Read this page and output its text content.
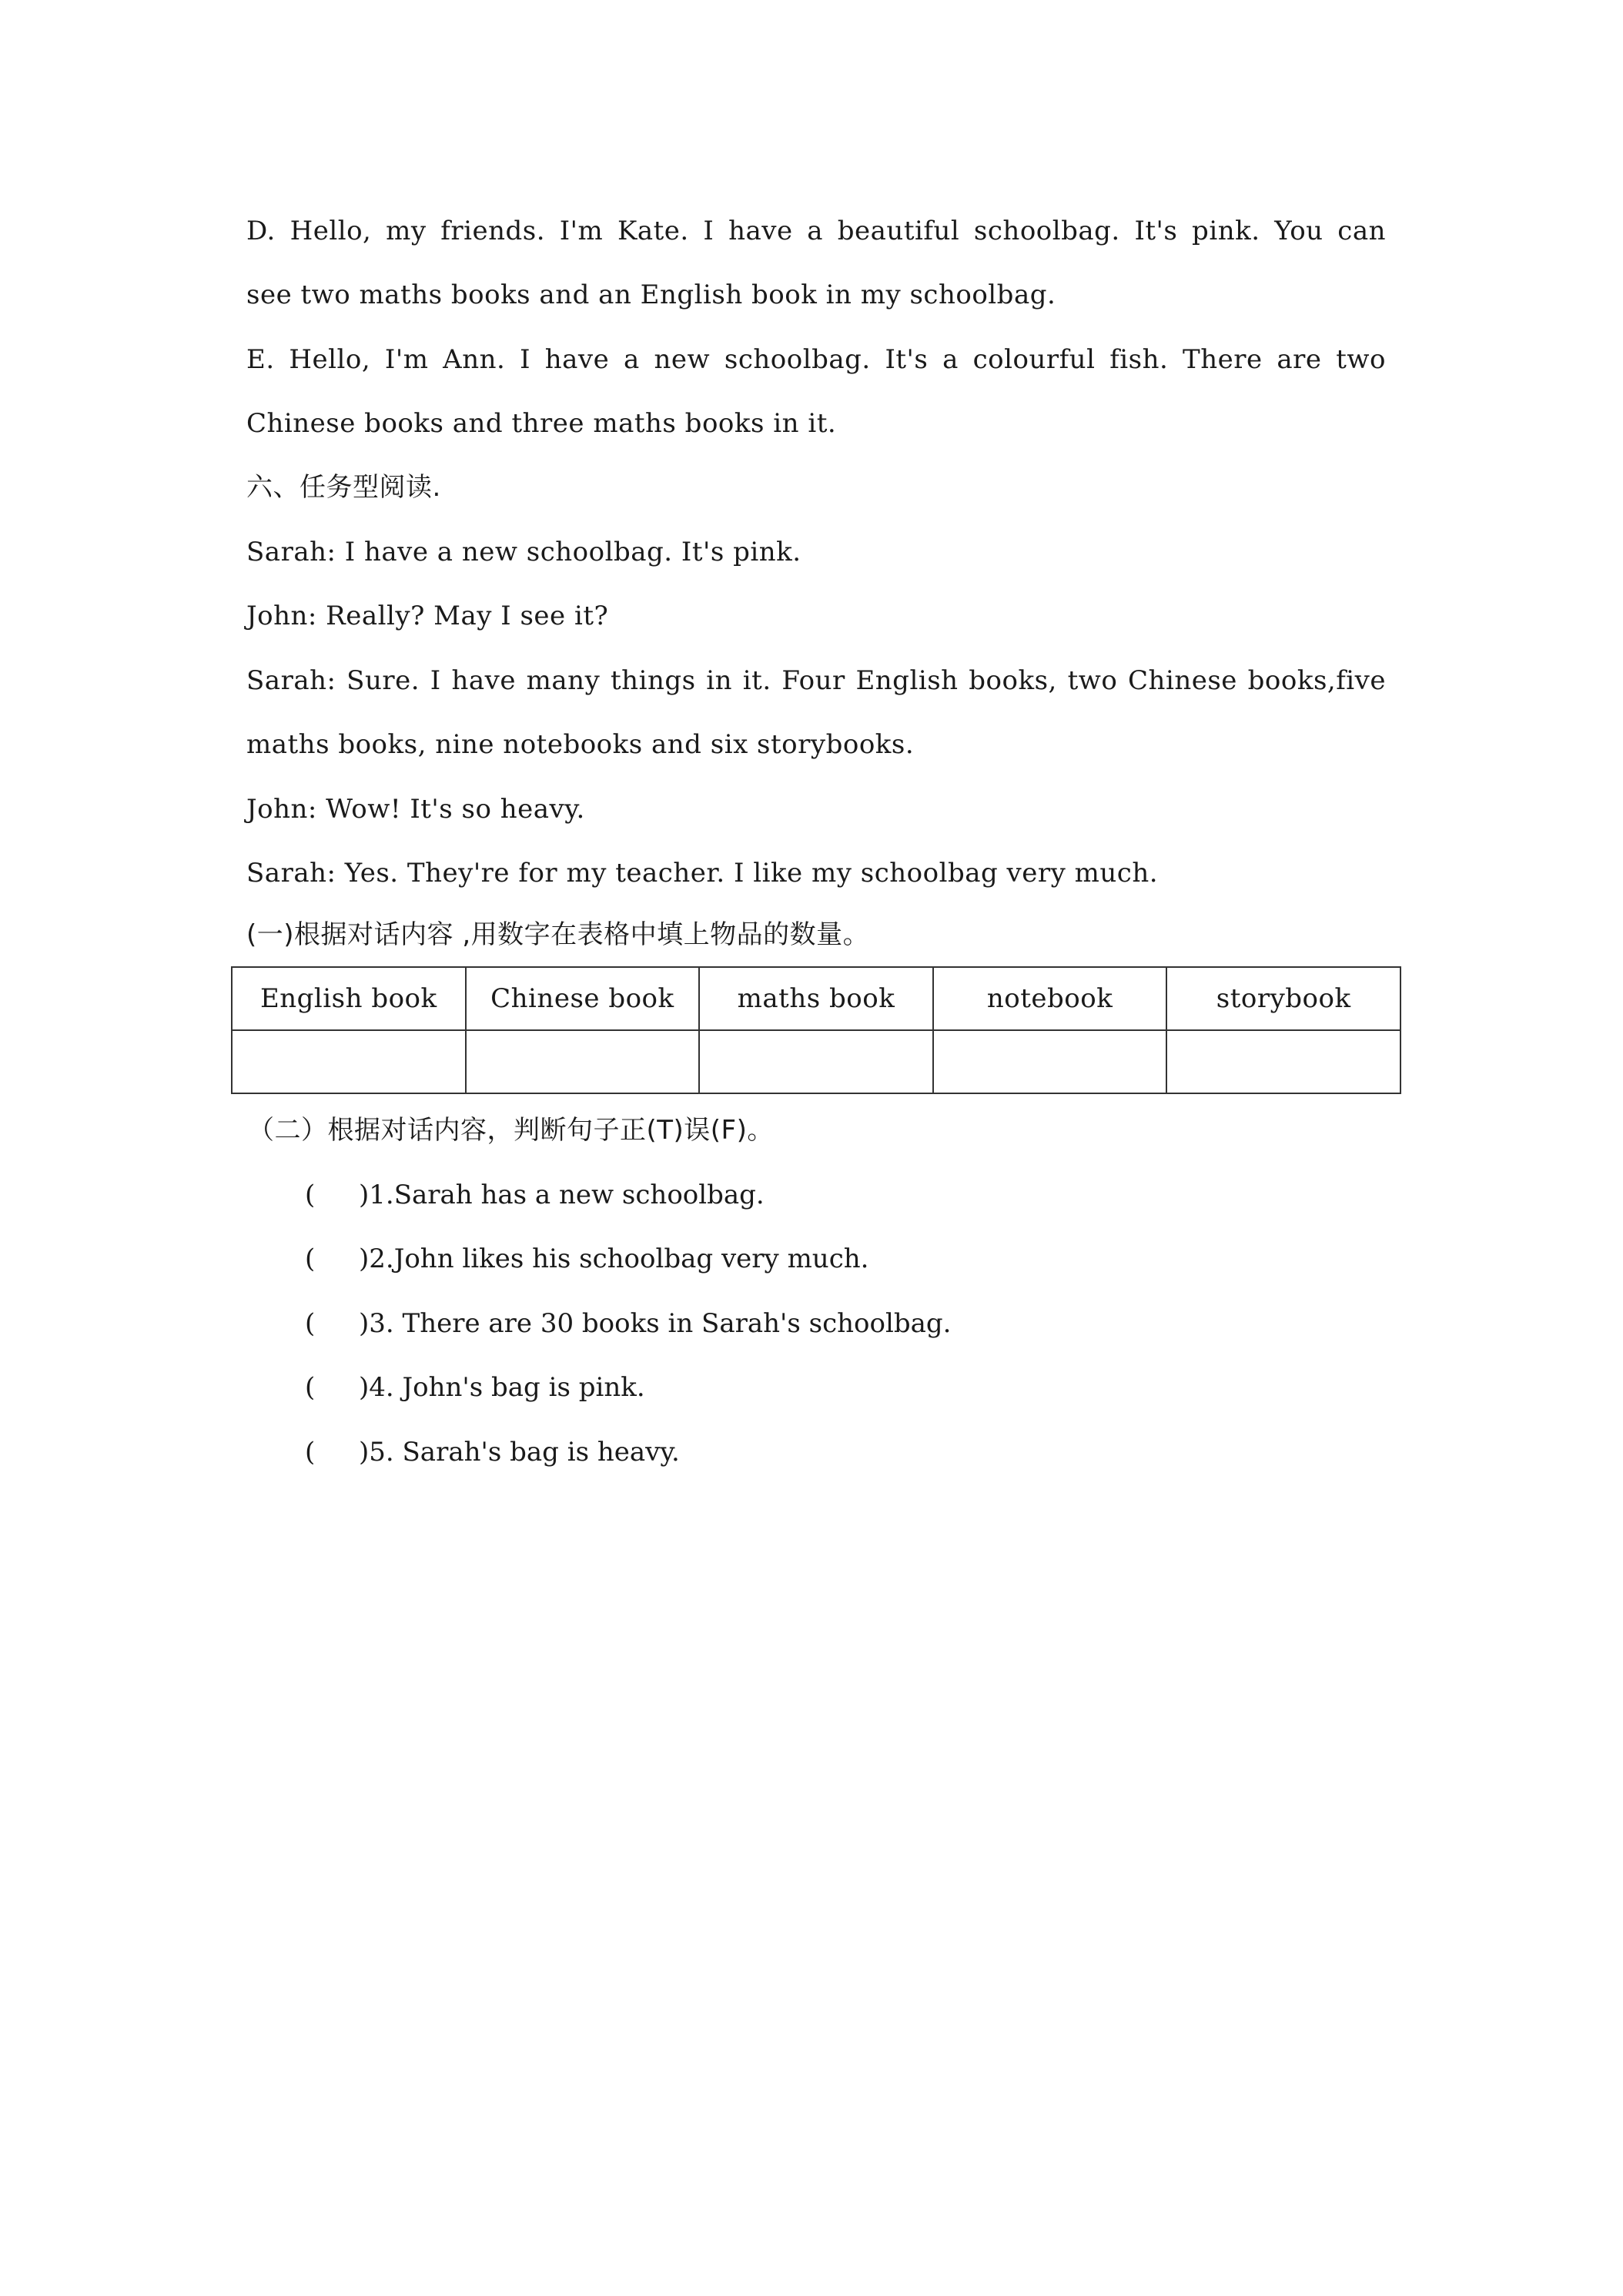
D. Hello, my friends. I'm Kate. I have a beautiful schoolbag. It's pink. You can
see two maths books and an English book in my schoolbag.
E. Hello, I'm Ann. I have a new schoolbag. It's a colourful fish. There are two
Chinese books and three maths books in it.
六、任务型阅读.
Sarah: I have a new schoolbag. It's pink.
John: Really? May I see it?
Sarah: Sure. I have many things in it. Four English books, two Chinese books,five
maths books, nine notebooks and six storybooks.
John: Wow! It's so heavy.
Sarah: Yes. They're for my teacher. I like my schoolbag very much.
(一)根据对话内容 ,用数字在表格中填上物品的数量。
English book	Chinese book	maths book	notebook	storybook

（二）根据对话内容，判断句子正(T)误(F)。
( )1.Sarah has a new schoolbag.
( )2.John likes his schoolbag very much.
( )3. There are 30 books in Sarah's schoolbag.
( )4. John's bag is pink.
( )5. Sarah's bag is heavy.
